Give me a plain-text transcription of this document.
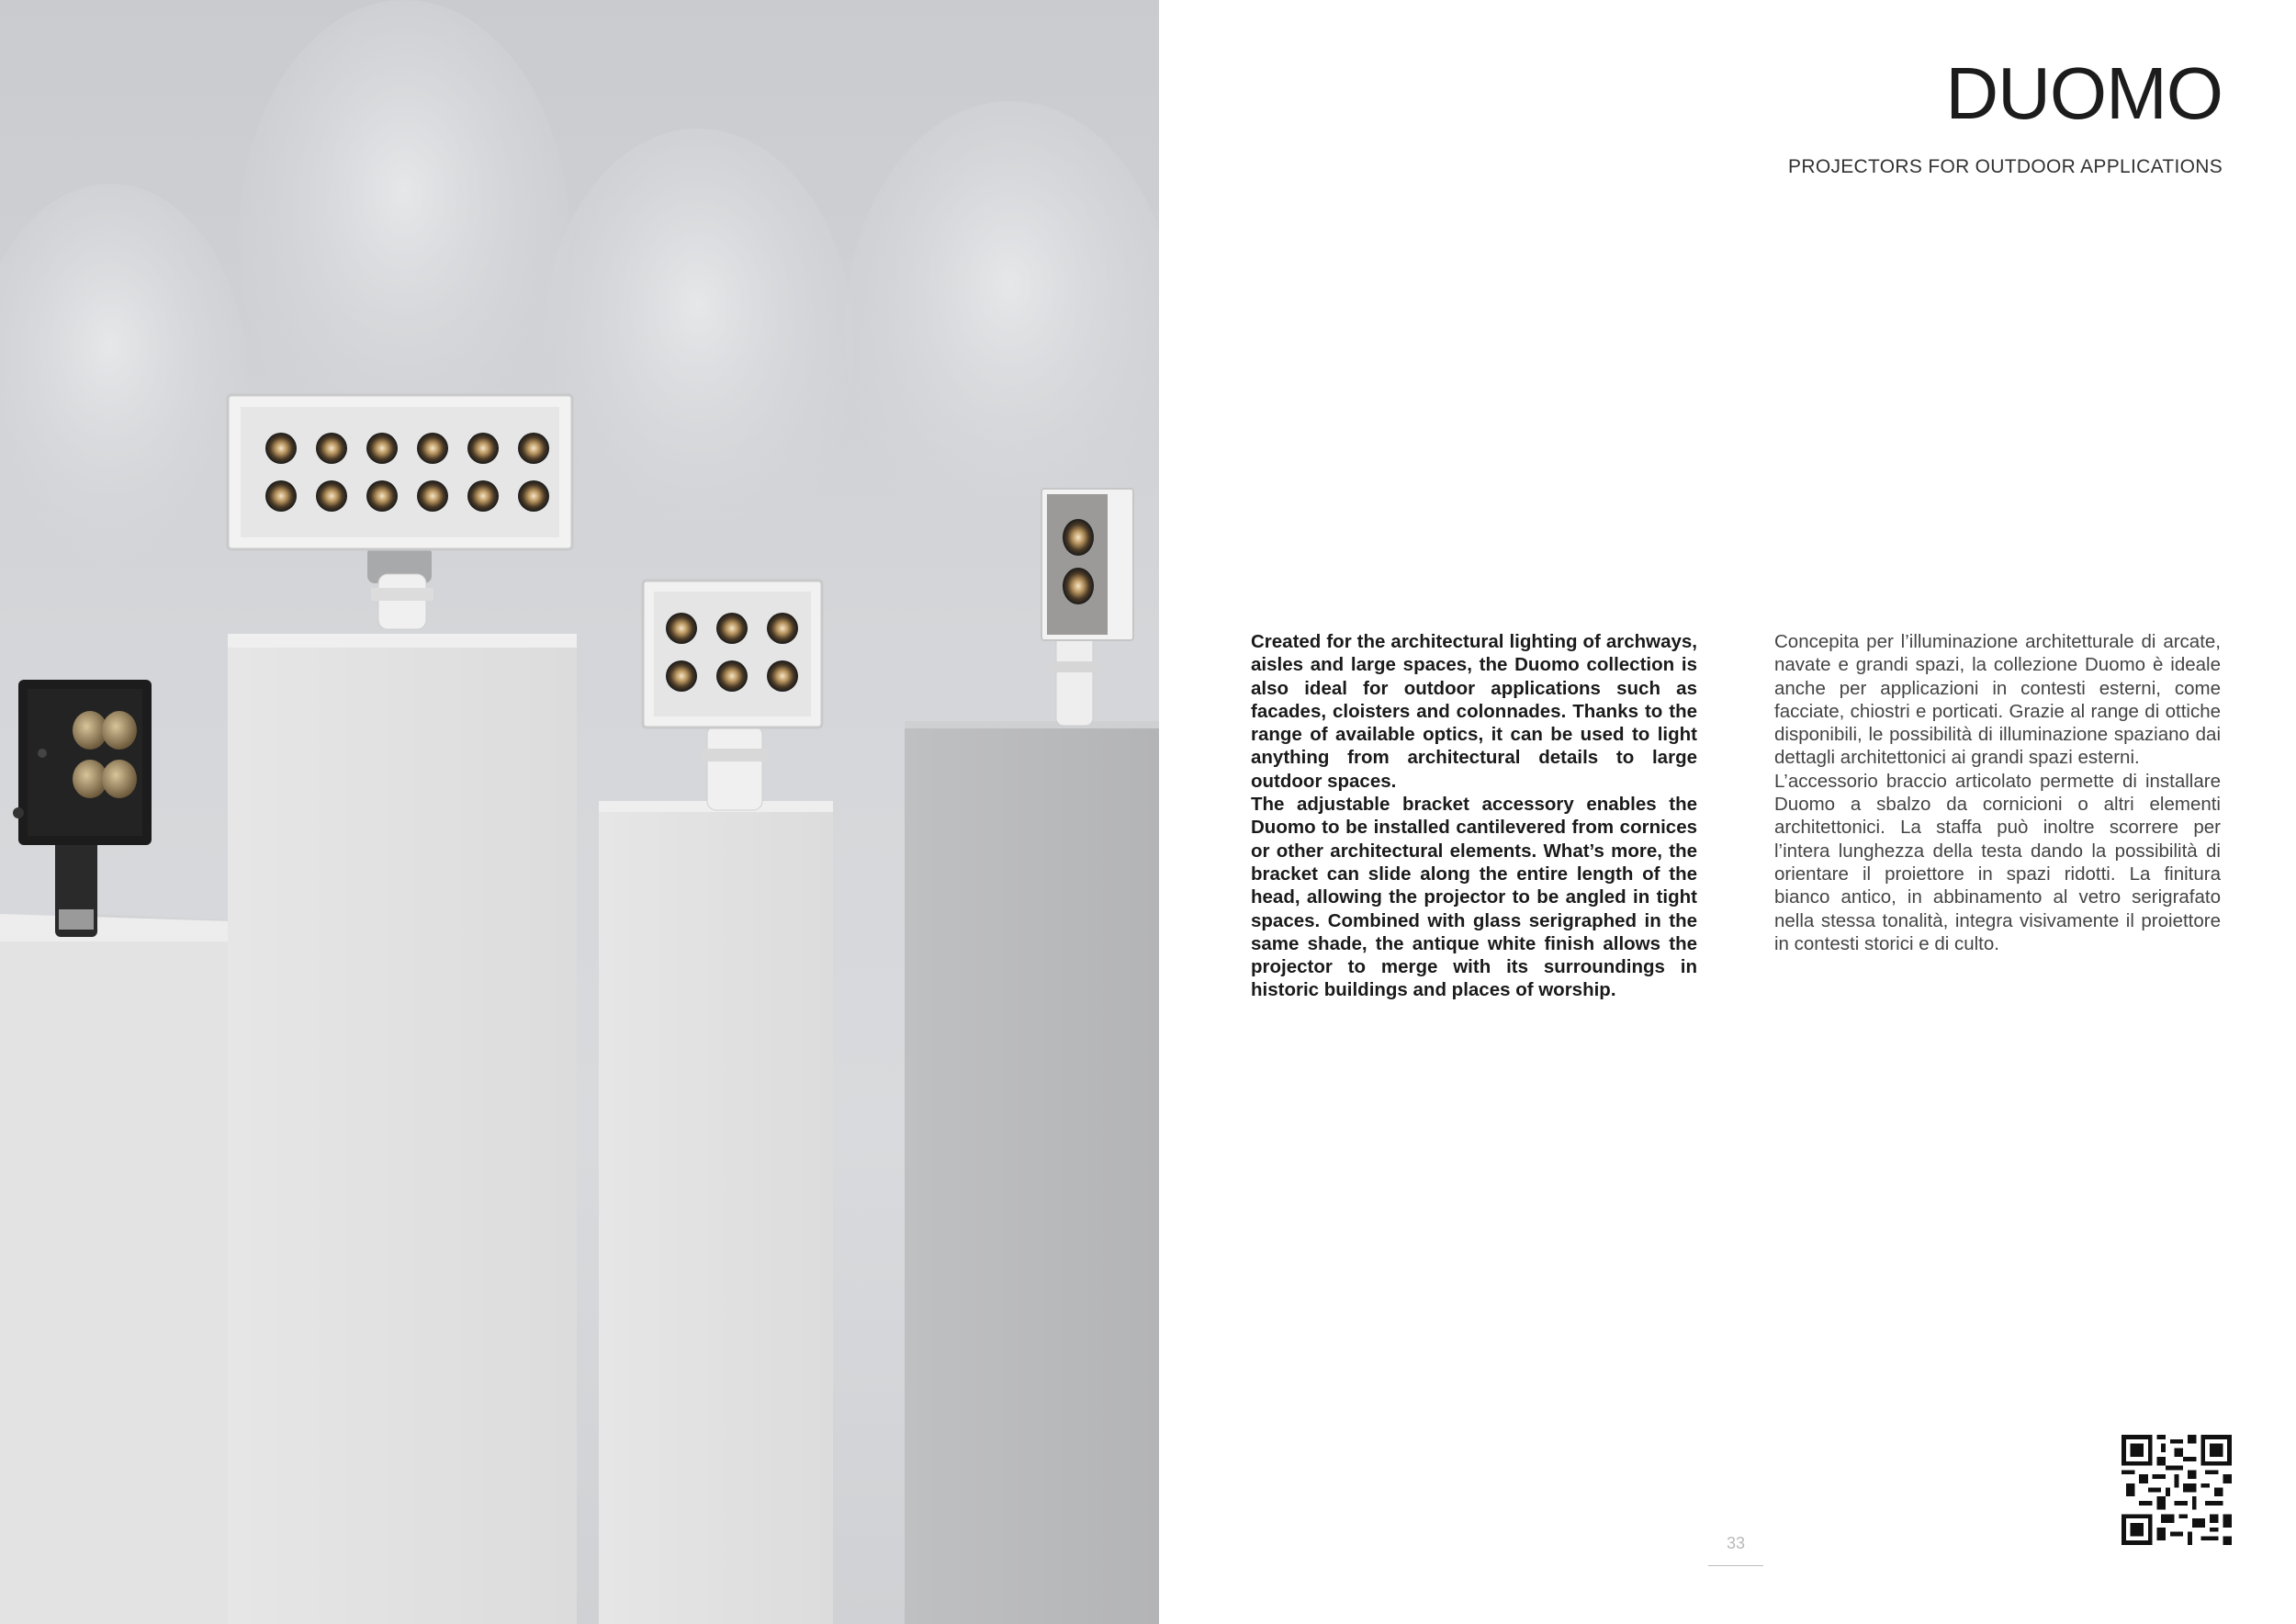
DUOMO

PROJECTORS FOR OUTDOOR APPLICATIONS

Created for the architectural lighting of archways, aisles and large spaces, the Duomo collection is also ideal for outdoor applications such as facades, cloisters and colonnades. Thanks to the range of available optics, it can be used to light anything from architectural details to large outdoor spaces.

The adjustable bracket accessory enables the Duomo to be installed cantilevered from cornices or other architectural elements. What’s more, the bracket can slide along the entire length of the head, allowing the projector to be angled in tight spaces. Combined with glass serigraphed in the same shade, the antique white finish allows the projector to merge with its surroundings in historic buildings and places of worship.

Concepita per l’illuminazione architetturale di arcate, navate e grandi spazi, la collezione Duomo è ideale anche per applicazioni in contesti esterni, come facciate, chiostri e porticati. Grazie al range di ottiche disponibili, le possibilità di illuminazione spaziano dai dettagli architettonici ai grandi spazi esterni.

L’accessorio braccio articolato permette di installare Duomo a sbalzo da cornicioni o altri elementi architettonici. La staffa può inoltre scorrere per l’intera lunghezza della testa dando la possibilità di orientare il proiettore in spazi ridotti. La finitura bianco antico, in abbinamento al vetro serigrafato nella stessa tonalità, integra visivamente il proiettore in contesti storici e di culto.

33
